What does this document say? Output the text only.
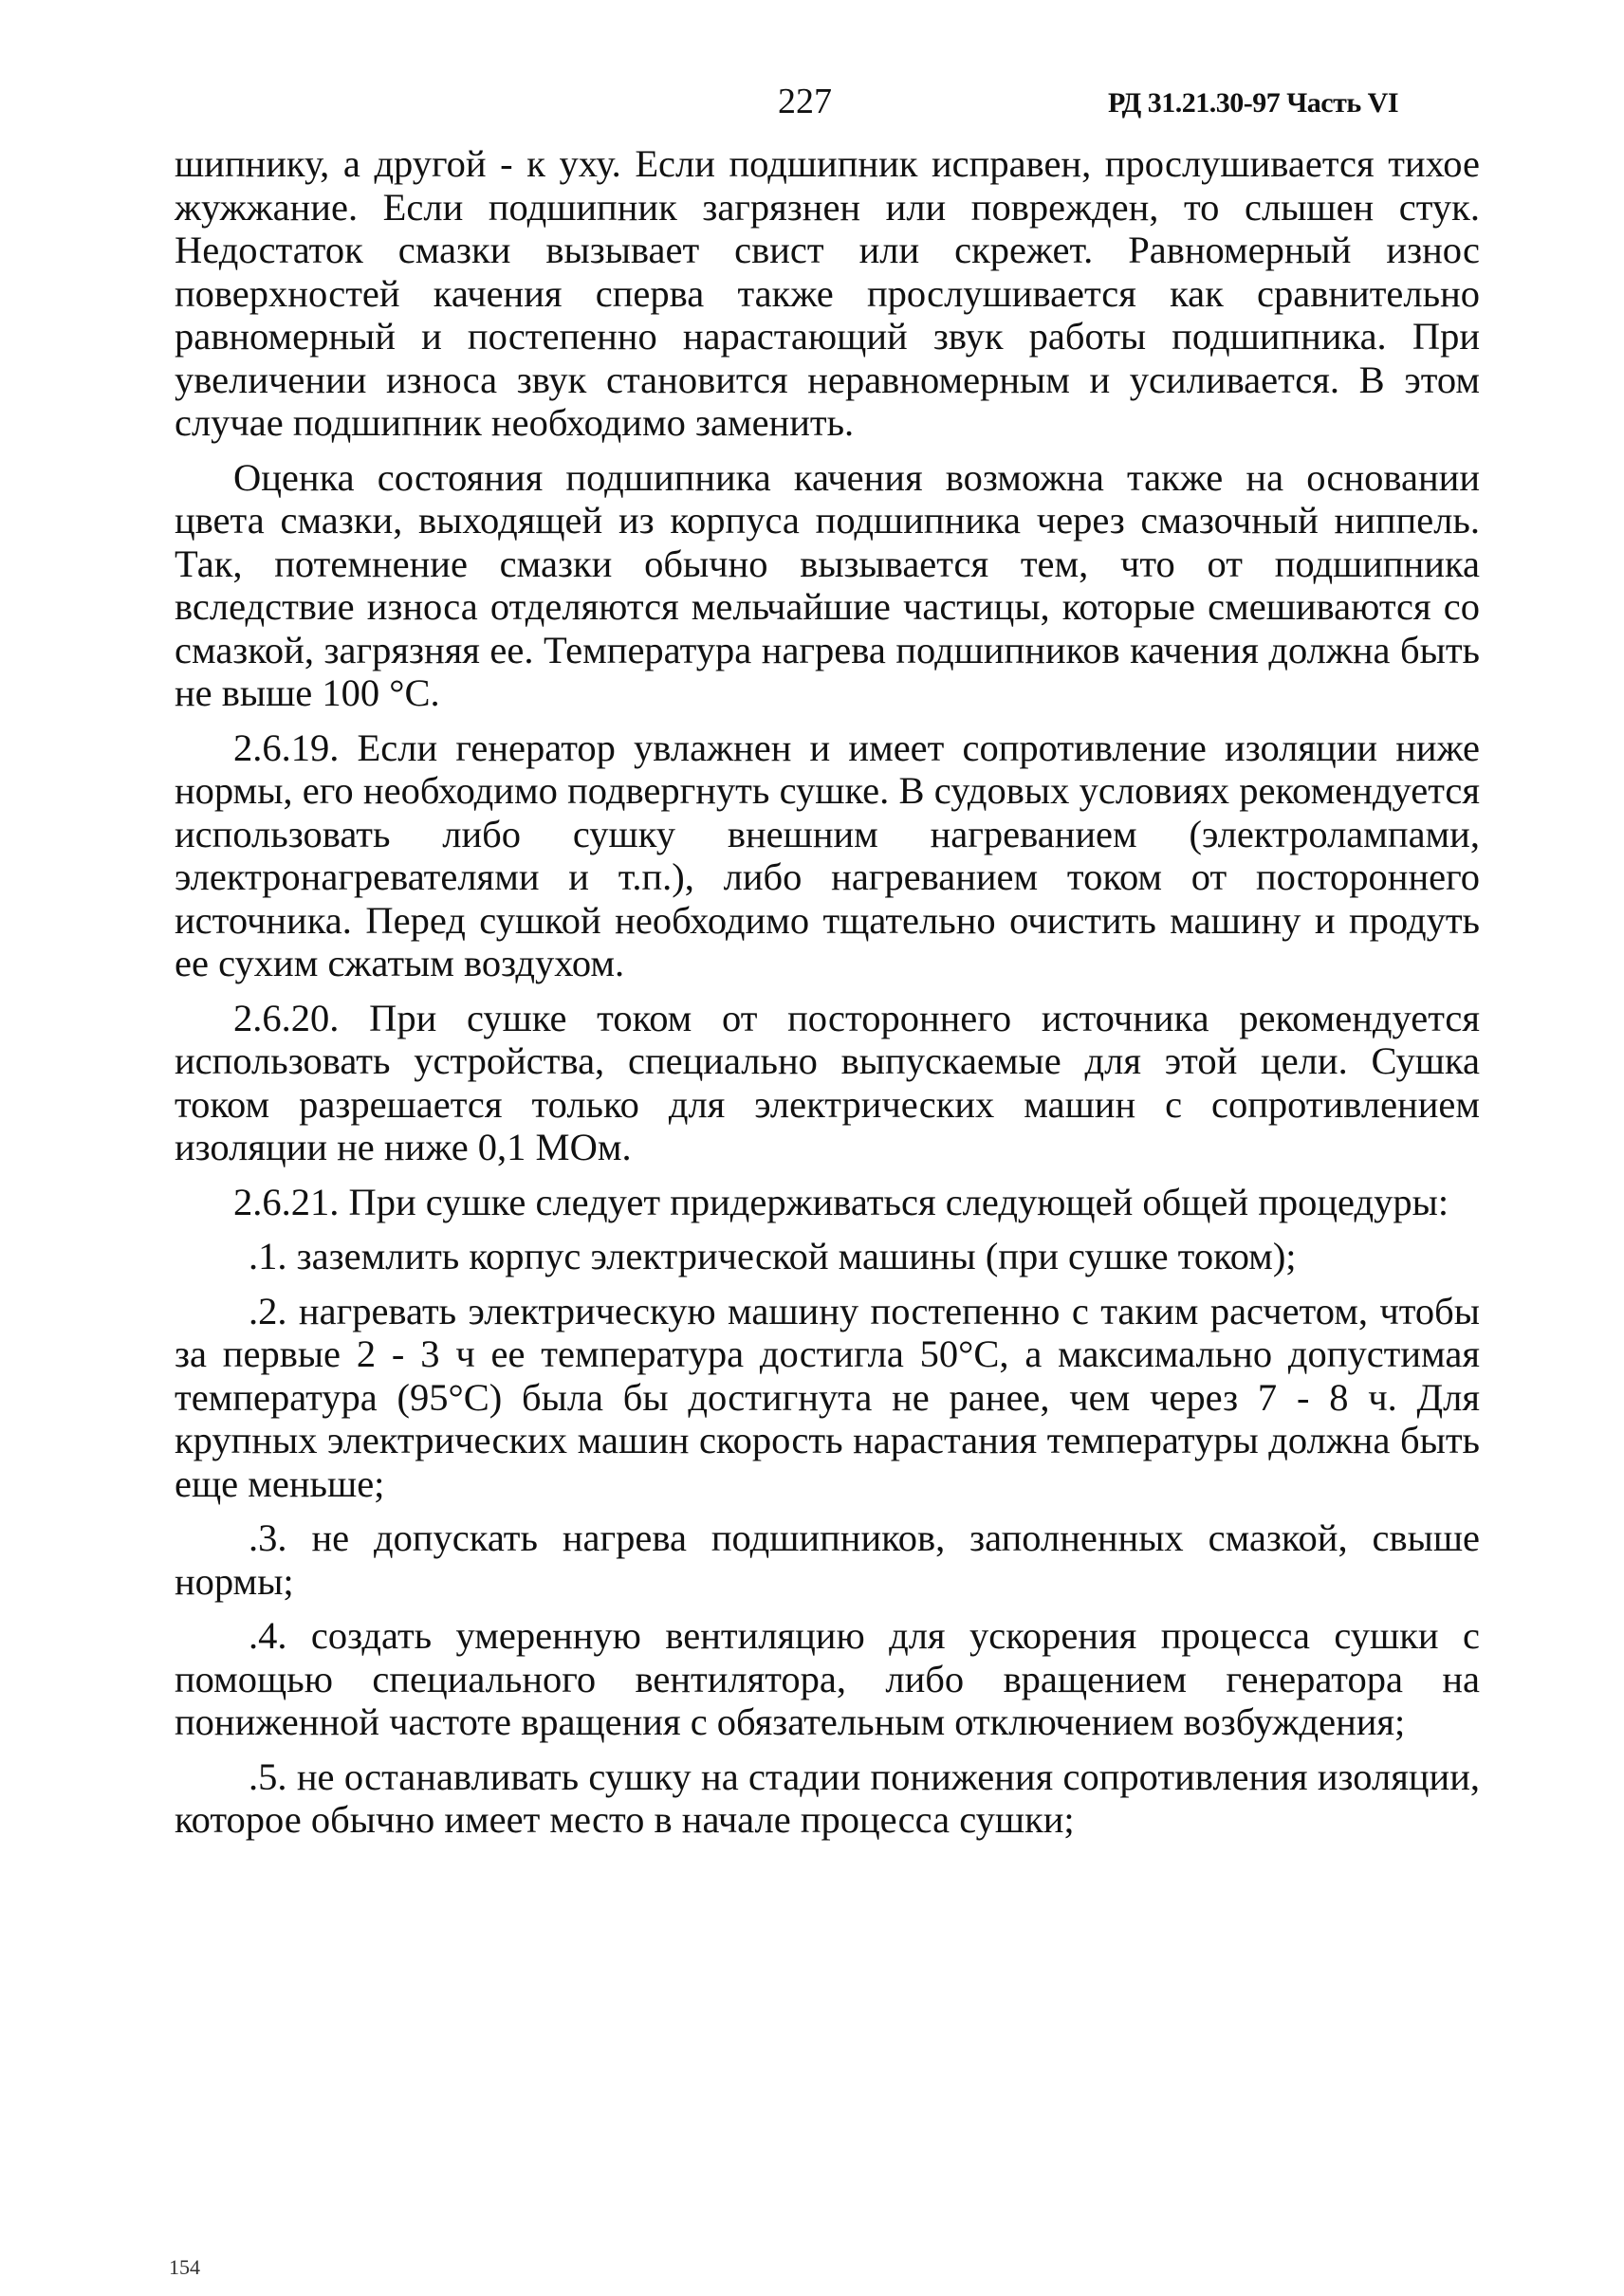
227	РД 31.21.30-97 Часть VI

шипнику, а другой - к уху. Если подшипник исправен, прослушивается тихое жужжание. Если подшипник загрязнен или поврежден, то слышен стук. Недостаток смазки вызывает свист или скрежет. Равномерный износ поверхностей качения сперва также прослушивается как сравнительно равномерный и постепенно нарастающий звук работы подшипника. При увеличении износа звук становится неравномерным и усиливается. В этом случае подшипник необходимо заменить.

Оценка состояния подшипника качения возможна также на основании цвета смазки, выходящей из корпуса подшипника через смазочный ниппель. Так, потемнение смазки обычно вызывается тем, что от подшипника вследствие износа отделяются мельчайшие частицы, которые смешиваются со смазкой, загрязняя ее. Температура нагрева подшипников качения должна быть не выше 100 °С.

2.6.19. Если генератор увлажнен и имеет сопротивление изоляции ниже нормы, его необходимо подвергнуть сушке. В судовых условиях рекомендуется использовать либо сушку внешним нагреванием (электролампами, электронагревателями и т.п.), либо нагреванием током от постороннего источника. Перед сушкой необходимо тщательно очистить машину и продуть ее сухим сжатым воздухом.

2.6.20. При сушке током от постороннего источника рекомендуется использовать устройства, специально выпускаемые для этой цели. Сушка током разрешается только для электрических машин с сопротивлением изоляции не ниже 0,1 МОм.

2.6.21. При сушке следует придерживаться следующей общей процедуры:

.1. заземлить корпус электрической машины (при сушке током);

.2. нагревать электрическую машину постепенно с таким расчетом, чтобы за первые 2 - 3 ч ее температура достигла 50°С, а максимально допустимая температура (95°С) была бы достигнута не ранее, чем через 7 - 8 ч. Для крупных электрических машин скорость нарастания температуры должна быть еще меньше;

.3. не допускать нагрева подшипников, заполненных смазкой, свыше нормы;

.4. создать умеренную вентиляцию для ускорения процесса сушки с помощью специального вентилятора, либо вращением генератора на пониженной частоте вращения с обязательным отключением возбуждения;

.5. не останавливать сушку на стадии понижения сопротивления изоляции, которое обычно имеет место в начале процесса сушки;

154
